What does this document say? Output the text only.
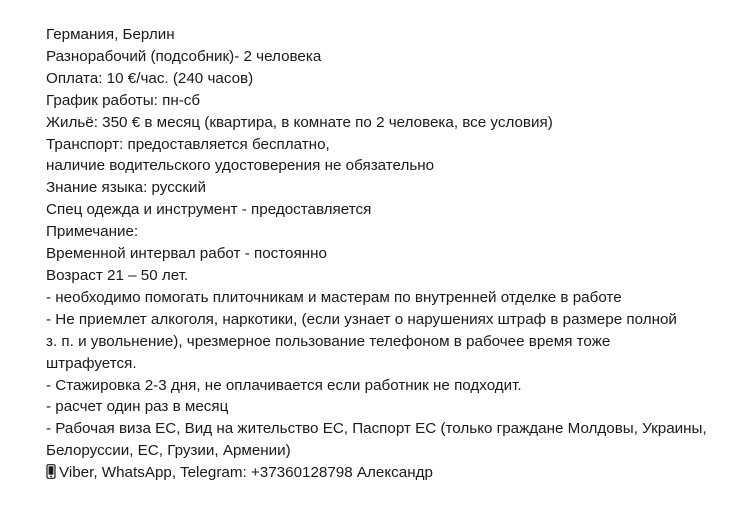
Германия, Берлин
Разнорабочий (подсобник)- 2 человека
Оплата: 10 €/час. (240 часов)
График работы: пн-сб
Жильё: 350 € в месяц (квартира, в комнате по 2 человека, все условия)
Транспорт: предоставляется бесплатно,
наличие водительского удостоверения не обязательно
Знание языка: русский
Спец одежда и инструмент - предоставляется
Примечание:
Временной интервал работ - постоянно
Возраст 21 – 50 лет.
- необходимо помогать плиточникам и мастерам по внутренней отделке в работе
- Не приемлет алкоголя, наркотики, (если узнает о нарушениях штраф в размере полной
з. п. и увольнение), чрезмерное пользование телефоном в рабочее время тоже
штрафуется.
- Стажировка 2-3 дня, не оплачивается если работник не подходит.
- расчет один раз в месяц
- Рабочая виза ЕС, Вид на жительство ЕС, Паспорт ЕС (только граждане Молдовы, Украины,
Белоруссии, ЕС, Грузии, Армении)
Viber, WhatsApp, Telegram: +37360128798 Александр
